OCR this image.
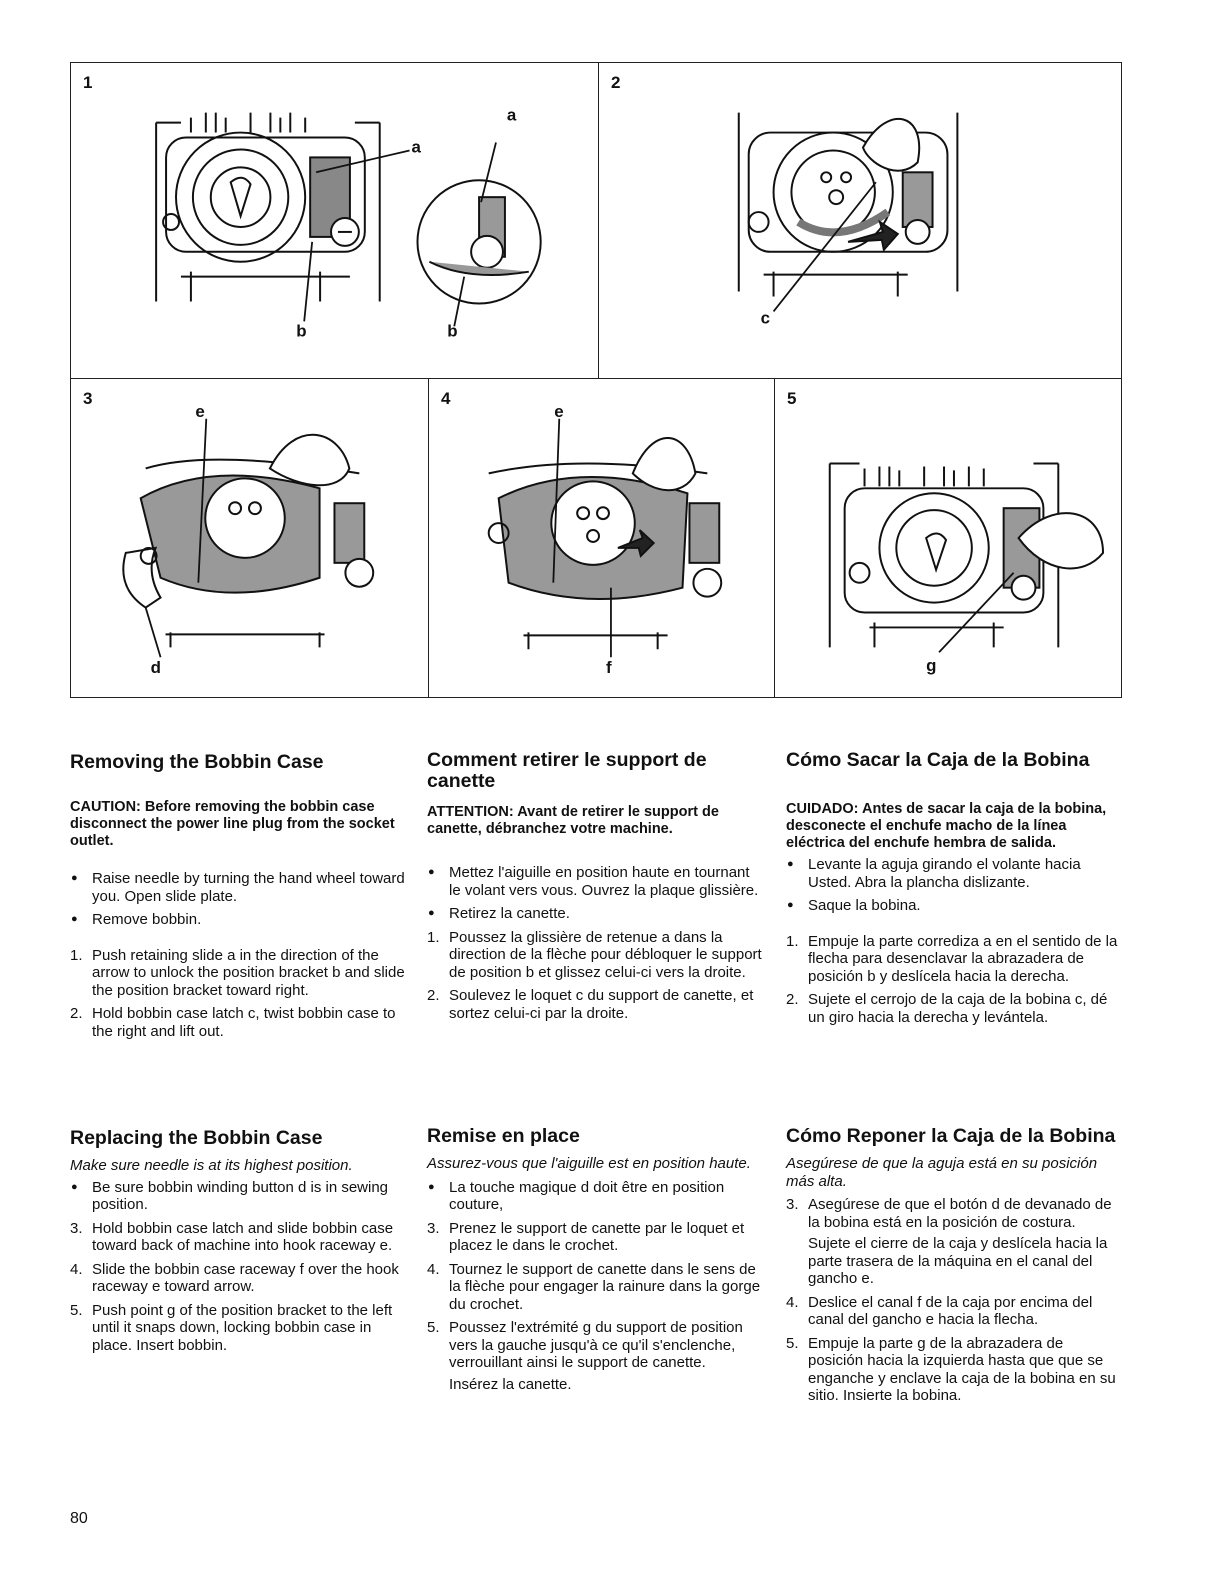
1
a
a
b	b
2
c
3
e
d
4
e
f
5
g
Removing the Bobbin Case
CAUTION: Before removing the bobbin case disconnect the power line plug from the socket outlet.
●
Raise needle by turning the hand wheel toward you. Open slide plate.
●
Remove bobbin.
1. Push retaining slide a in the direction of the arrow to unlock the position bracket b and slide the position bracket toward right.
2. Hold bobbin case latch c, twist bobbin case to the right and lift out.
Comment retirer le support de canette
ATTENTION: Avant de retirer le support de canette, débranchez votre machine.
●
Mettez l'aiguille en position haute en tournant le volant vers vous. Ouvrez la plaque glissière.
●
Retirez la canette.
1. Poussez la glissière de retenue a dans la direction de la flèche pour débloquer le support de position b et glissez celui-ci vers la droite.
2. Soulevez le loquet c du support de canette, et sortez celui-ci par la droite.
Cómo Sacar la Caja de la Bobina
CUIDADO: Antes de sacar la caja de la bobina, desconecte el enchufe macho de la línea eléctrica del enchufe hembra de salida.
●
Levante la aguja girando el volante hacia Usted. Abra la plancha dislizante.
●
Saque la bobina.
1. Empuje la parte corrediza a en el sentido de la flecha para desenclavar la abrazadera de posición b y deslícela hacia la derecha.
2. Sujete el cerrojo de la caja de la bobina c, dé un giro hacia la derecha y levántela.
Replacing the Bobbin Case
Make sure needle is at its highest position.
●
Be sure bobbin winding button d is in sewing position.
3. Hold bobbin case latch and slide bobbin case toward back of machine into hook raceway e.
4. Slide the bobbin case raceway f over the hook raceway e toward arrow.
5. Push point g of the position bracket to the left until it snaps down, locking bobbin case in place. Insert bobbin.
Remise en place
Assurez-vous que l'aiguille est en position haute.
●
La touche magique d doit être en position couture,
3. Prenez le support de canette par le loquet et placez le dans le crochet.
4. Tournez le support de canette dans le sens de la flèche pour engager la rainure dans la gorge du crochet.
5. Poussez l'extrémité g du support de position vers la gauche jusqu'à ce qu'il s'enclenche, verrouillant ainsi le support de canette.
Insérez la canette.
Cómo Reponer la Caja de la Bobina
Asegúrese de que la aguja está en su posición más alta.
3. Asegúrese de que el botón d de devanado de la bobina está en la posición de costura.
Sujete el cierre de la caja y deslícela hacia la parte trasera de la máquina en el canal del gancho e.
4. Deslice el canal f de la caja por encima del canal del gancho e hacia la flecha.
5. Empuje la parte g de la abrazadera de posición hacia la izquierda hasta que que se enganche y enclave la caja de la bobina en su sitio. Insierte la bobina.
80
